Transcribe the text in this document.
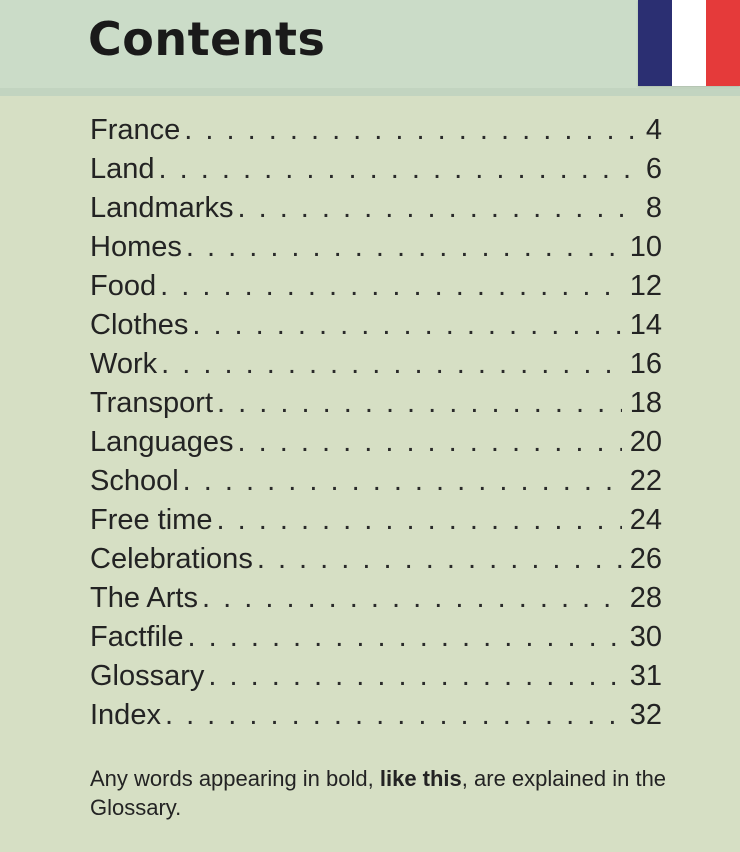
Contents
France . . .	4
Land . . .	6
Landmarks . . .	8
Homes . . .	10
Food . . .	12
Clothes . . .	14
Work . . .	16
Transport . . .	18
Languages . . .	20
School . . .	22
Free time . . .	24
Celebrations . . .	26
The Arts . . .	28
Factfile . . .	30
Glossary . . .	31
Index . . .	32
Any words appearing in bold, like this, are explained in the Glossary.
